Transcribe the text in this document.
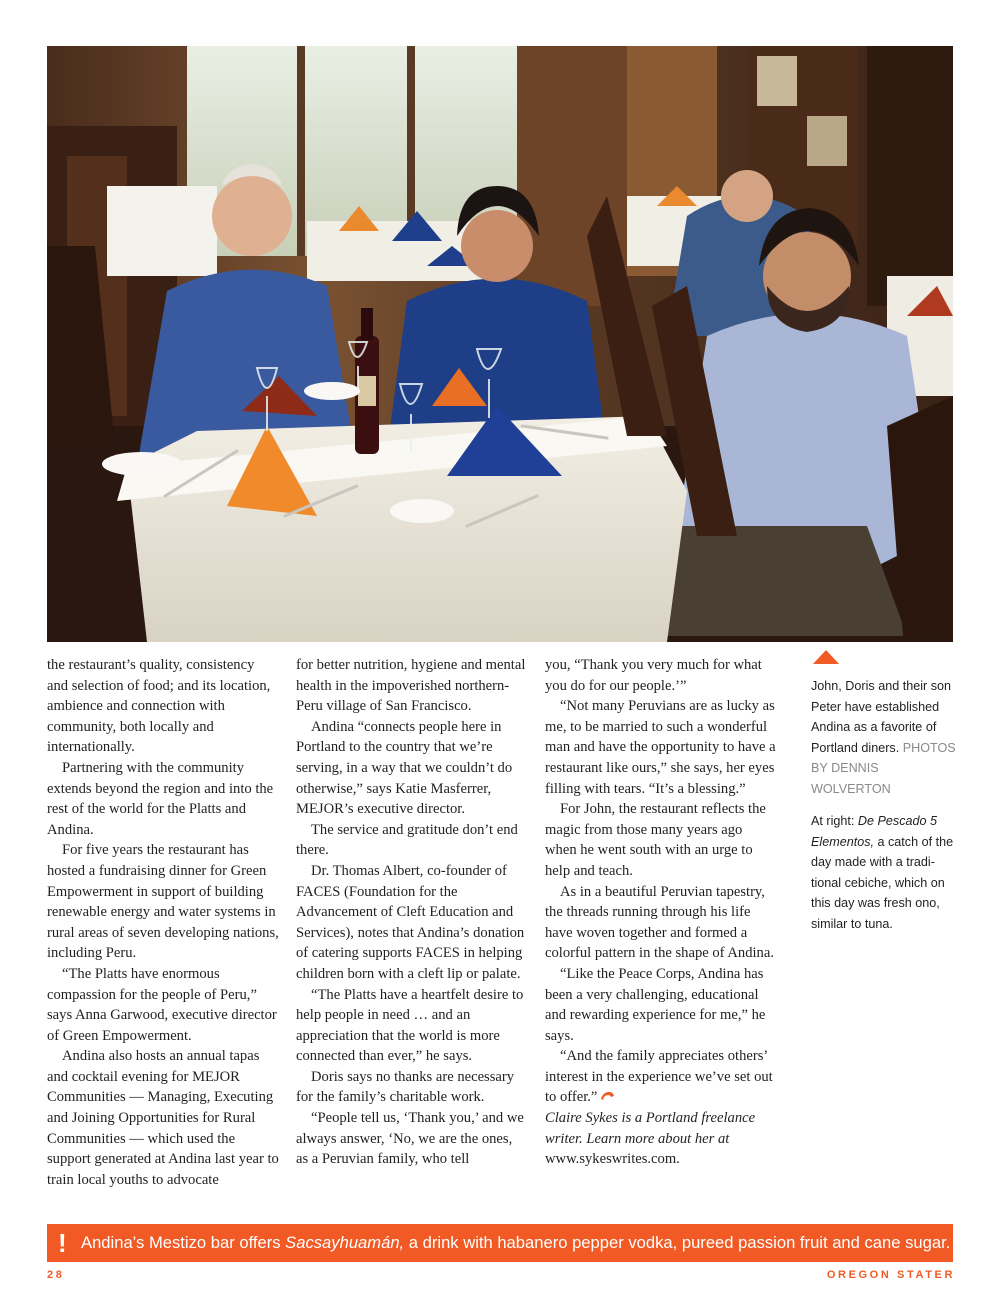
the restaurant’s quality, consistency and selection of food; and its location, ambience and connection with community, both locally and internationally.

Partnering with the community extends beyond the region and into the rest of the world for the Platts and Andina.

For five years the restaurant has hosted a fundraising dinner for Green Empowerment in support of building renewable energy and water systems in rural areas of seven developing nations, including Peru.

“The Platts have enormous compassion for the people of Peru,” says Anna Garwood, executive director of Green Empowerment.

Andina also hosts an annual tapas and cocktail evening for MEJOR Communities — Managing, Executing and Joining Opportunities for Rural Communities — which used the support generated at Andina last year to train local youths to advocate

for better nutrition, hygiene and mental health in the impoverished northern-Peru village of San Francisco.

Andina “connects people here in Portland to the country that we’re serving, in a way that we couldn’t do otherwise,” says Katie Masferrer, MEJOR’s executive director.

The service and gratitude don’t end there.

Dr. Thomas Albert, co-founder of FACES (Foundation for the Advancement of Cleft Education and Services), notes that Andina’s donation of catering supports FACES in helping children born with a cleft lip or palate.

“The Platts have a heartfelt desire to help people in need … and an appreciation that the world is more connected than ever,” he says.

Doris says no thanks are necessary for the family’s charitable work.

“People tell us, ‘Thank you,’ and we always answer, ‘No, we are the ones, as a Peruvian family, who tell

you, “Thank you very much for what you do for our people.’”

“Not many Peruvians are as lucky as me, to be married to such a wonderful man and have the opportunity to have a restaurant like ours,” she says, her eyes filling with tears. “It’s a blessing.”

For John, the restaurant reflects the magic from those many years ago when he went south with an urge to help and teach.

As in a beautiful Peruvian tapestry, the threads running through his life have woven together and formed a colorful pattern in the shape of Andina.

“Like the Peace Corps, Andina has been a very challenging, educational and rewarding experience for me,” he says.

“And the family appreciates others’ interest in the experience we’ve set out to offer.”

Claire Sykes is a Portland freelance writer. Learn more about her at www.sykeswrites.com.

John, Doris and their son Peter have established Andina as a favorite of Portland diners. PHOTOS BY DENNIS WOLVERTON
At right: De Pescado 5 Elementos, a catch of the day made with a traditional cebiche, which on this day was fresh ono, similar to tuna.
! Andina’s Mestizo bar offers Sacsayhuamán, a drink with habanero pepper vodka, pureed passion fruit and cane sugar.
28	OREGON STATER
